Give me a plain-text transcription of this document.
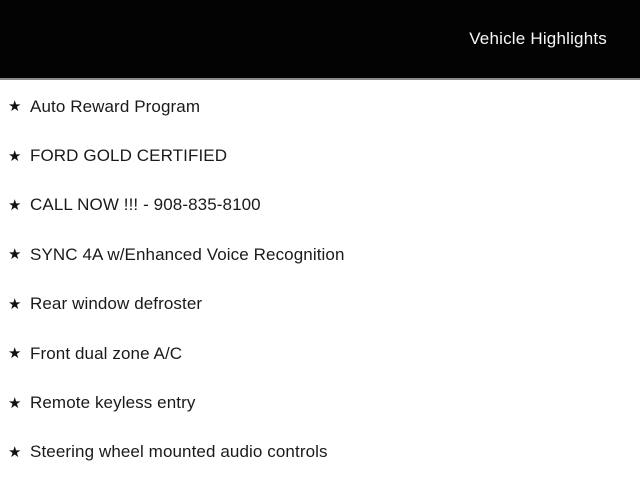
Vehicle Highlights
★ Auto Reward Program
★ FORD GOLD CERTIFIED
★ CALL NOW !!! - 908-835-8100
★ SYNC 4A w/Enhanced Voice Recognition
★ Rear window defroster
★ Front dual zone A/C
★ Remote keyless entry
★ Steering wheel mounted audio controls
